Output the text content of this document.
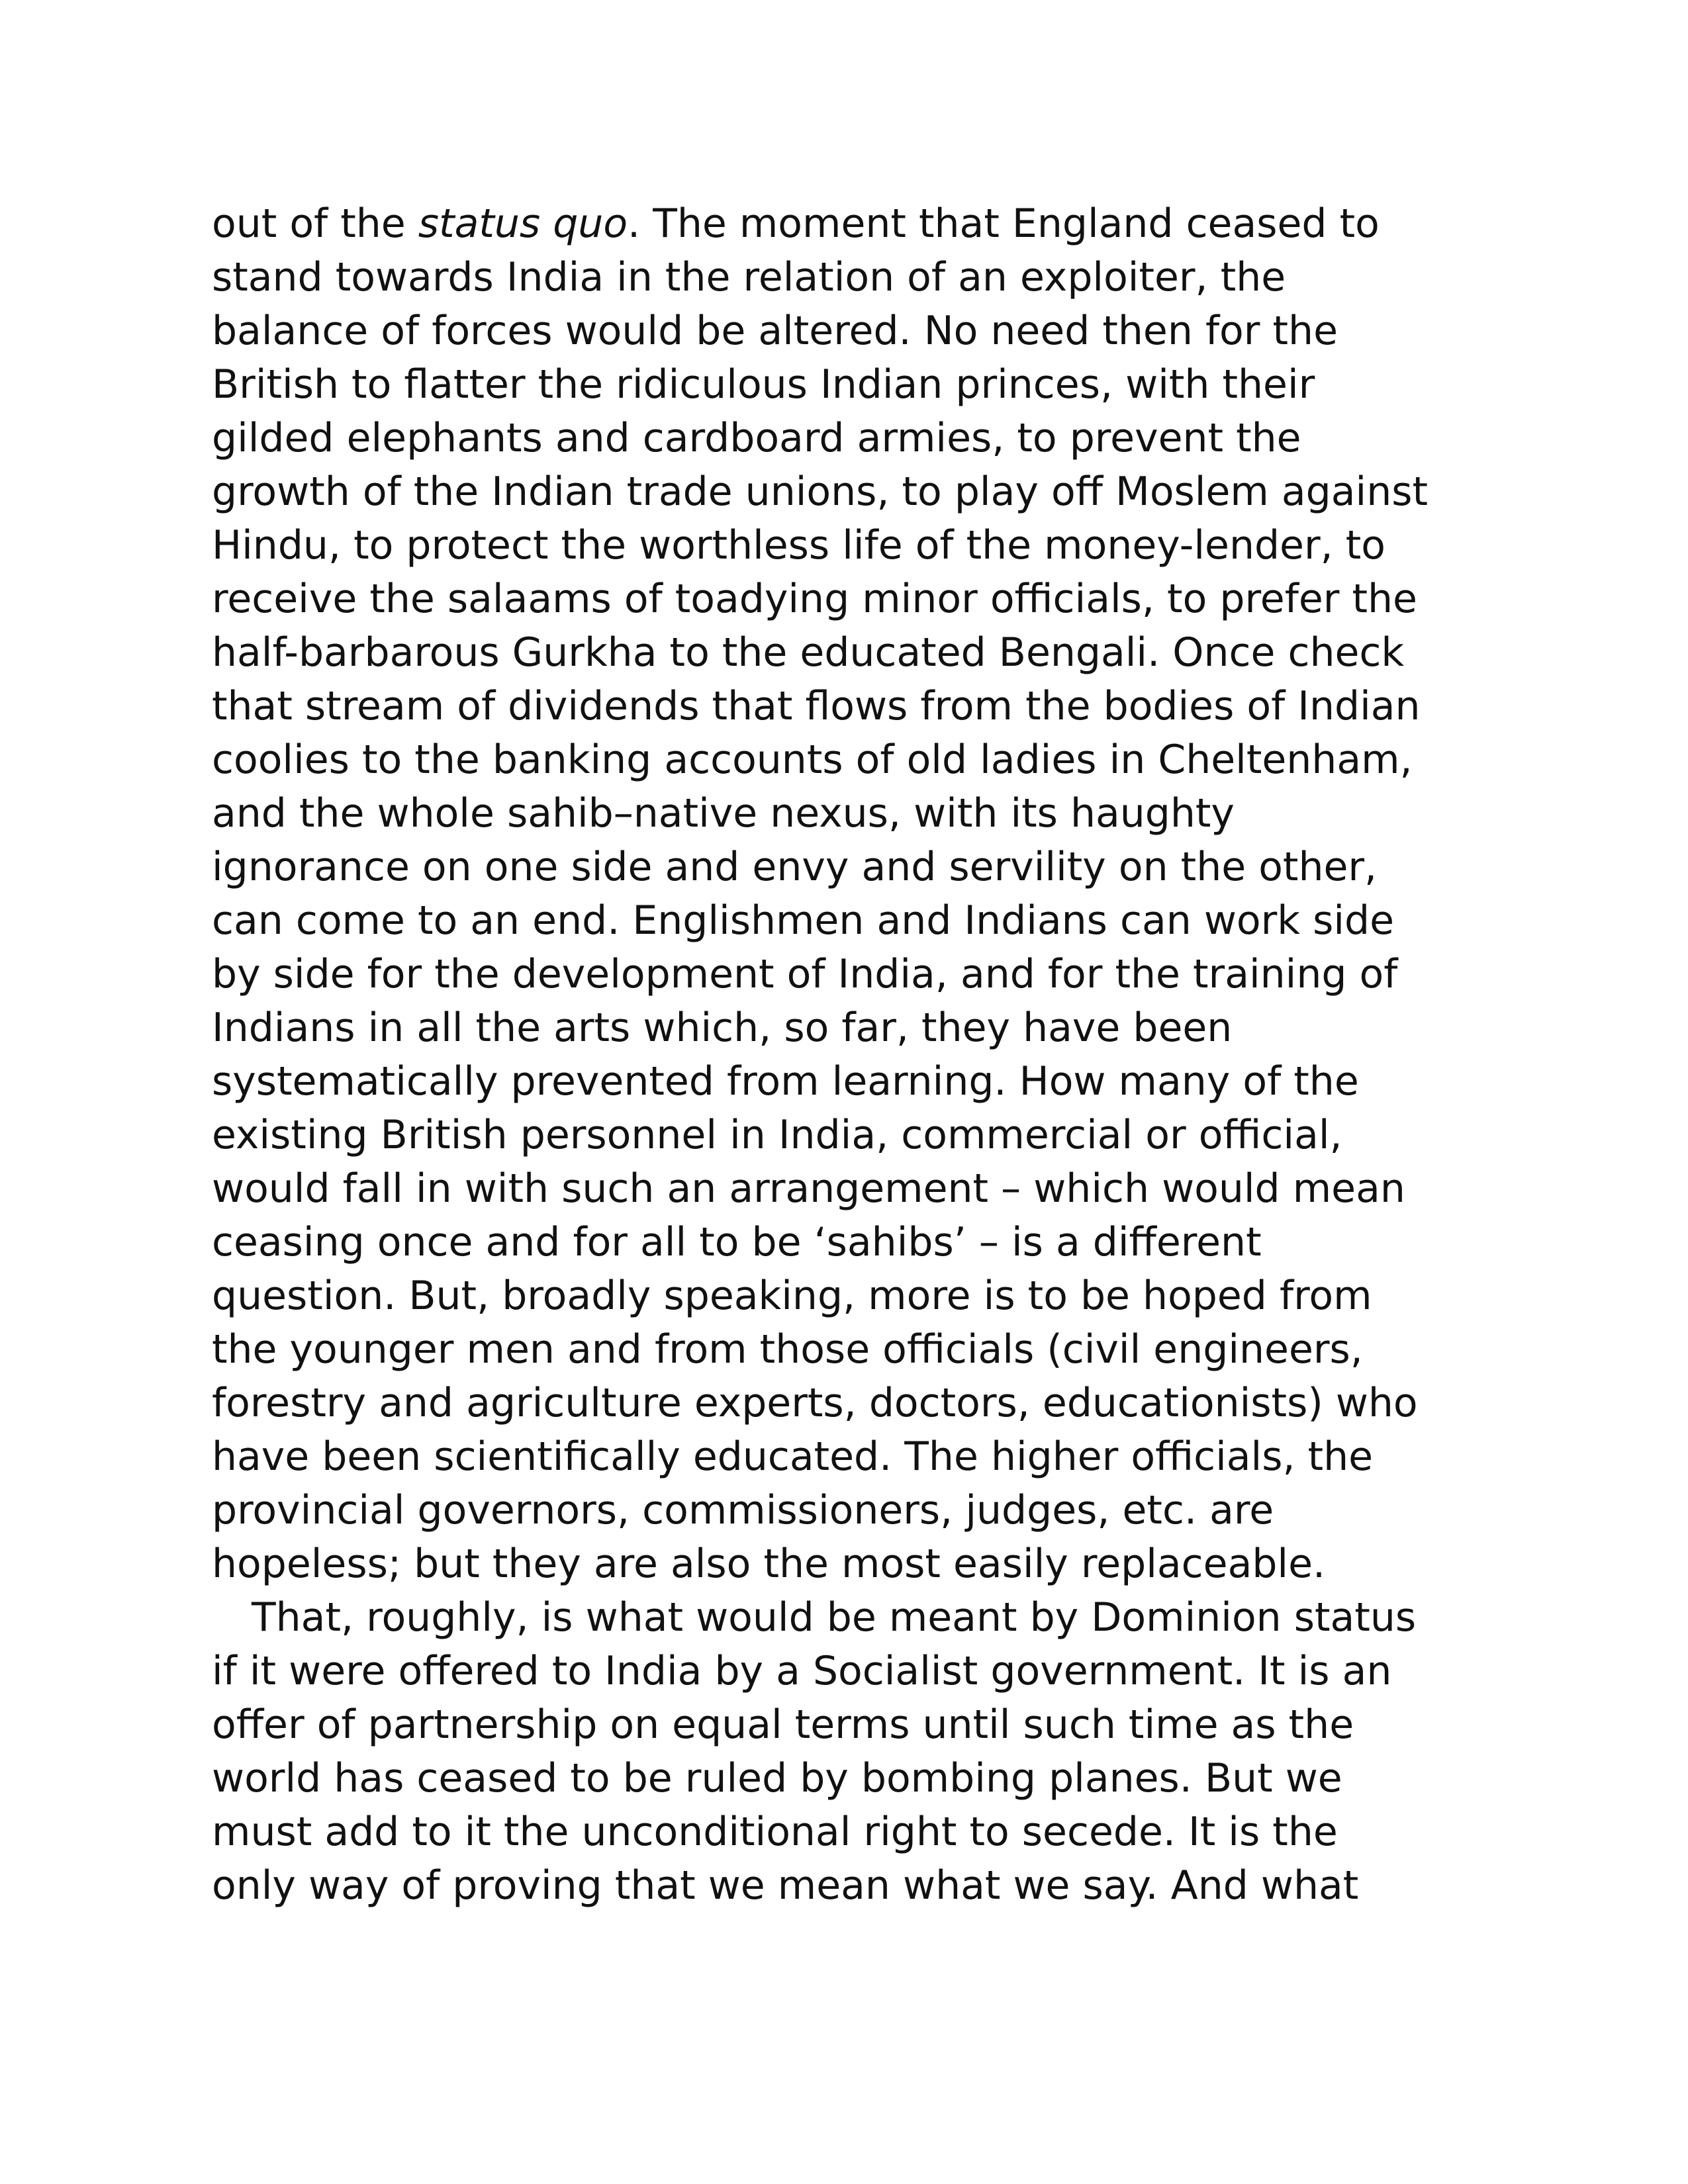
out of the status quo. The moment that England ceased to
stand towards India in the relation of an exploiter, the
balance of forces would be altered. No need then for the
British to flatter the ridiculous Indian princes, with their
gilded elephants and cardboard armies, to prevent the
growth of the Indian trade unions, to play off Moslem against
Hindu, to protect the worthless life of the money-lender, to
receive the salaams of toadying minor officials, to prefer the
half-barbarous Gurkha to the educated Bengali. Once check
that stream of dividends that flows from the bodies of Indian
coolies to the banking accounts of old ladies in Cheltenham,
and the whole sahib–native nexus, with its haughty
ignorance on one side and envy and servility on the other,
can come to an end. Englishmen and Indians can work side
by side for the development of India, and for the training of
Indians in all the arts which, so far, they have been
systematically prevented from learning. How many of the
existing British personnel in India, commercial or official,
would fall in with such an arrangement – which would mean
ceasing once and for all to be ‘sahibs’ – is a different
question. But, broadly speaking, more is to be hoped from
the younger men and from those officials (civil engineers,
forestry and agriculture experts, doctors, educationists) who
have been scientifically educated. The higher officials, the
provincial governors, commissioners, judges, etc. are
hopeless; but they are also the most easily replaceable.
That, roughly, is what would be meant by Dominion status
if it were offered to India by a Socialist government. It is an
offer of partnership on equal terms until such time as the
world has ceased to be ruled by bombing planes. But we
must add to it the unconditional right to secede. It is the
only way of proving that we mean what we say. And what
